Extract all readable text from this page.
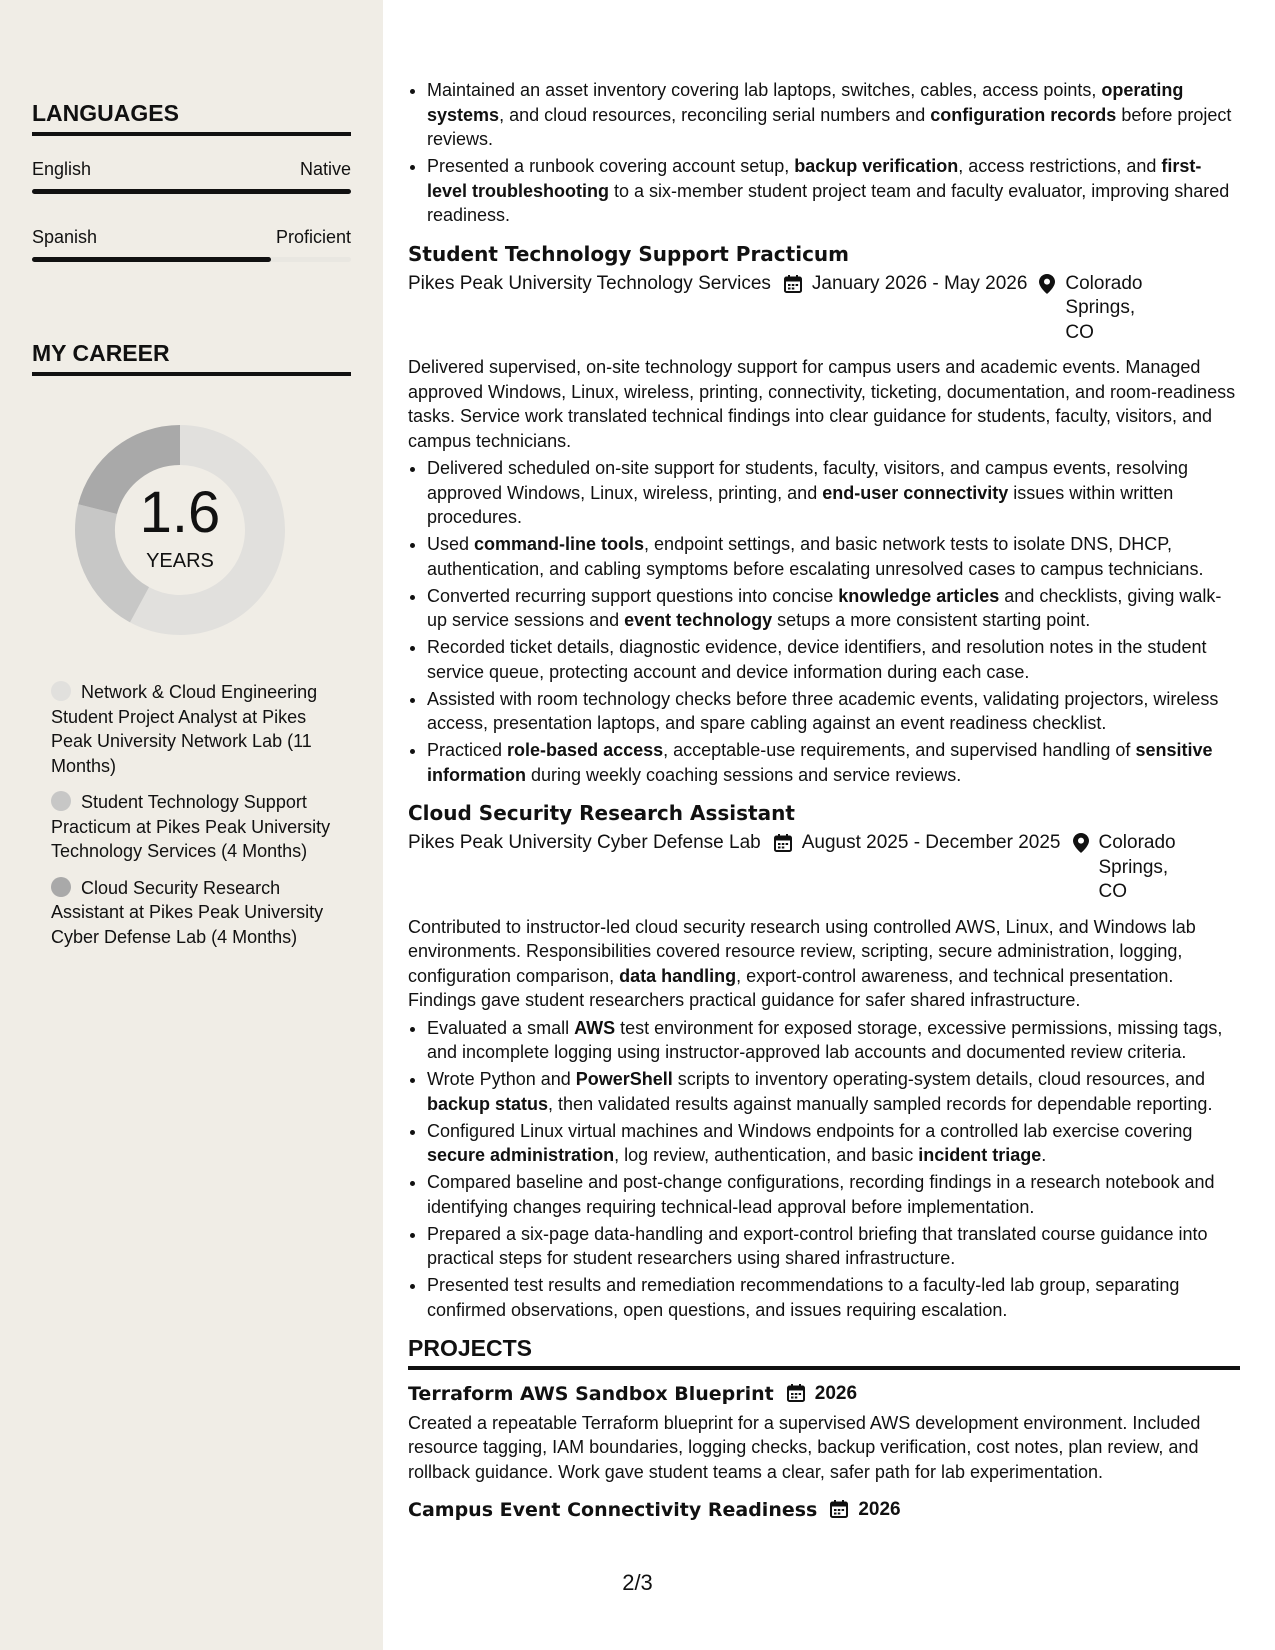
LANGUAGES
English	Native
Spanish	Proficient
MY CAREER
1.6
YEARS
Network & Cloud Engineering Student Project Analyst at Pikes Peak University Network Lab (11 Months)
Student Technology Support Practicum at Pikes Peak University Technology Services (4 Months)
Cloud Security Research Assistant at Pikes Peak University Cyber Defense Lab (4 Months)
• Maintained an asset inventory covering lab laptops, switches, cables, access points, operating systems, and cloud resources, reconciling serial numbers and configuration records before project reviews.
• Presented a runbook covering account setup, backup verification, access restrictions, and first-level troubleshooting to a six-member student project team and faculty evaluator, improving shared readiness.
Student Technology Support Practicum
Pikes Peak University Technology Services January 2026 - May 2026 Colorado Springs, CO
Delivered supervised, on-site technology support for campus users and academic events. Managed approved Windows, Linux, wireless, printing, connectivity, ticketing, documentation, and room-readiness tasks. Service work translated technical findings into clear guidance for students, faculty, visitors, and campus technicians.
• Delivered scheduled on-site support for students, faculty, visitors, and campus events, resolving approved Windows, Linux, wireless, printing, and end-user connectivity issues within written procedures.
• Used command-line tools, endpoint settings, and basic network tests to isolate DNS, DHCP, authentication, and cabling symptoms before escalating unresolved cases to campus technicians.
• Converted recurring support questions into concise knowledge articles and checklists, giving walk-up service sessions and event technology setups a more consistent starting point.
• Recorded ticket details, diagnostic evidence, device identifiers, and resolution notes in the student service queue, protecting account and device information during each case.
• Assisted with room technology checks before three academic events, validating projectors, wireless access, presentation laptops, and spare cabling against an event readiness checklist.
• Practiced role-based access, acceptable-use requirements, and supervised handling of sensitive information during weekly coaching sessions and service reviews.
Cloud Security Research Assistant
Pikes Peak University Cyber Defense Lab August 2025 - December 2025 Colorado Springs, CO
Contributed to instructor-led cloud security research using controlled AWS, Linux, and Windows lab environments. Responsibilities covered resource review, scripting, secure administration, logging, configuration comparison, data handling, export-control awareness, and technical presentation. Findings gave student researchers practical guidance for safer shared infrastructure.
• Evaluated a small AWS test environment for exposed storage, excessive permissions, missing tags, and incomplete logging using instructor-approved lab accounts and documented review criteria.
• Wrote Python and PowerShell scripts to inventory operating-system details, cloud resources, and backup status, then validated results against manually sampled records for dependable reporting.
• Configured Linux virtual machines and Windows endpoints for a controlled lab exercise covering secure administration, log review, authentication, and basic incident triage.
• Compared baseline and post-change configurations, recording findings in a research notebook and identifying changes requiring technical-lead approval before implementation.
• Prepared a six-page data-handling and export-control briefing that translated course guidance into practical steps for student researchers using shared infrastructure.
• Presented test results and remediation recommendations to a faculty-led lab group, separating confirmed observations, open questions, and issues requiring escalation.
PROJECTS
Terraform AWS Sandbox Blueprint 2026
Created a repeatable Terraform blueprint for a supervised AWS development environment. Included resource tagging, IAM boundaries, logging checks, backup verification, cost notes, plan review, and rollback guidance. Work gave student teams a clear, safer path for lab experimentation.
Campus Event Connectivity Readiness 2026
2/3
